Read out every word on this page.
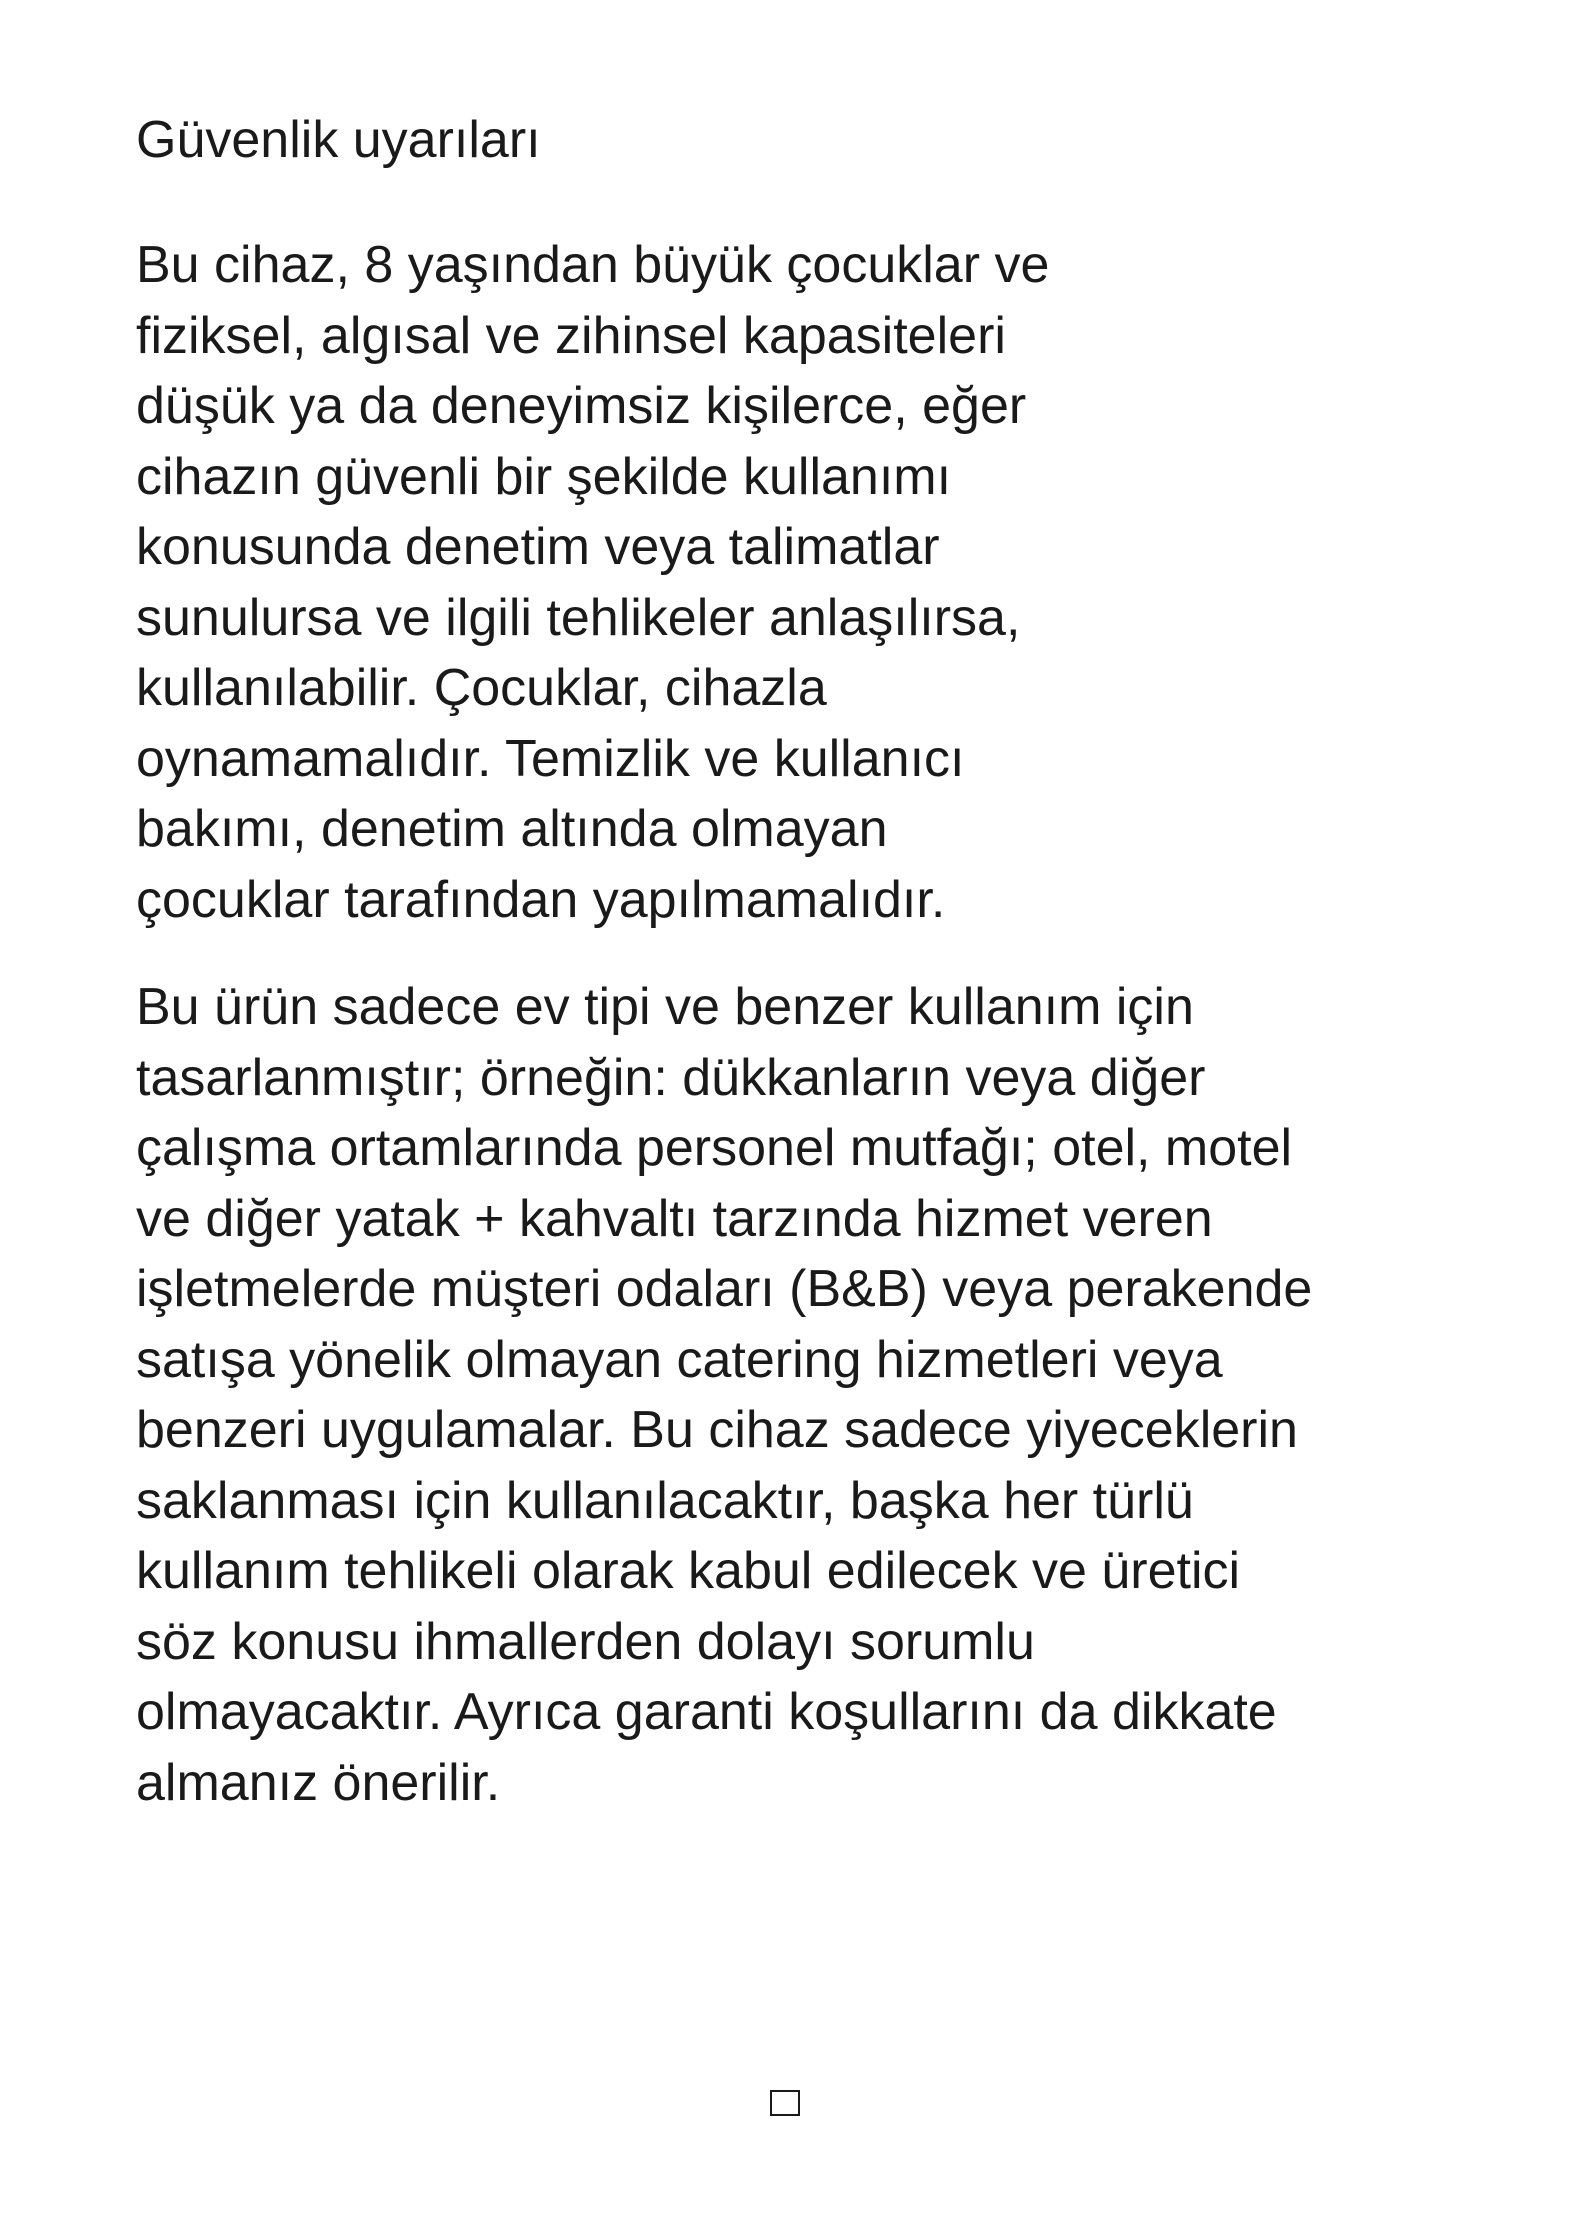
Güvenlik uyarıları

Bu cihaz, 8 yaşından büyük çocuklar ve
fiziksel, algısal ve zihinsel kapasiteleri
düşük ya da deneyimsiz kişilerce, eğer
cihazın güvenli bir şekilde kullanımı
konusunda denetim veya talimatlar
sunulursa ve ilgili tehlikeler anlaşılırsa,
kullanılabilir. Çocuklar, cihazla
oynamamalıdır. Temizlik ve kullanıcı
bakımı, denetim altında olmayan
çocuklar tarafından yapılmamalıdır.

Bu ürün sadece ev tipi ve benzer kullanım için
tasarlanmıştır; örneğin: dükkanların veya diğer
çalışma ortamlarında personel mutfağı; otel, motel
ve diğer yatak + kahvaltı tarzında hizmet veren
işletmelerde müşteri odaları (B&B) veya perakende
satışa yönelik olmayan catering hizmetleri veya
benzeri uygulamalar. Bu cihaz sadece yiyeceklerin
saklanması için kullanılacaktır, başka her türlü
kullanım tehlikeli olarak kabul edilecek ve üretici
söz konusu ihmallerden dolayı sorumlu
olmayacaktır. Ayrıca garanti koşullarını da dikkate
almanız önerilir.
